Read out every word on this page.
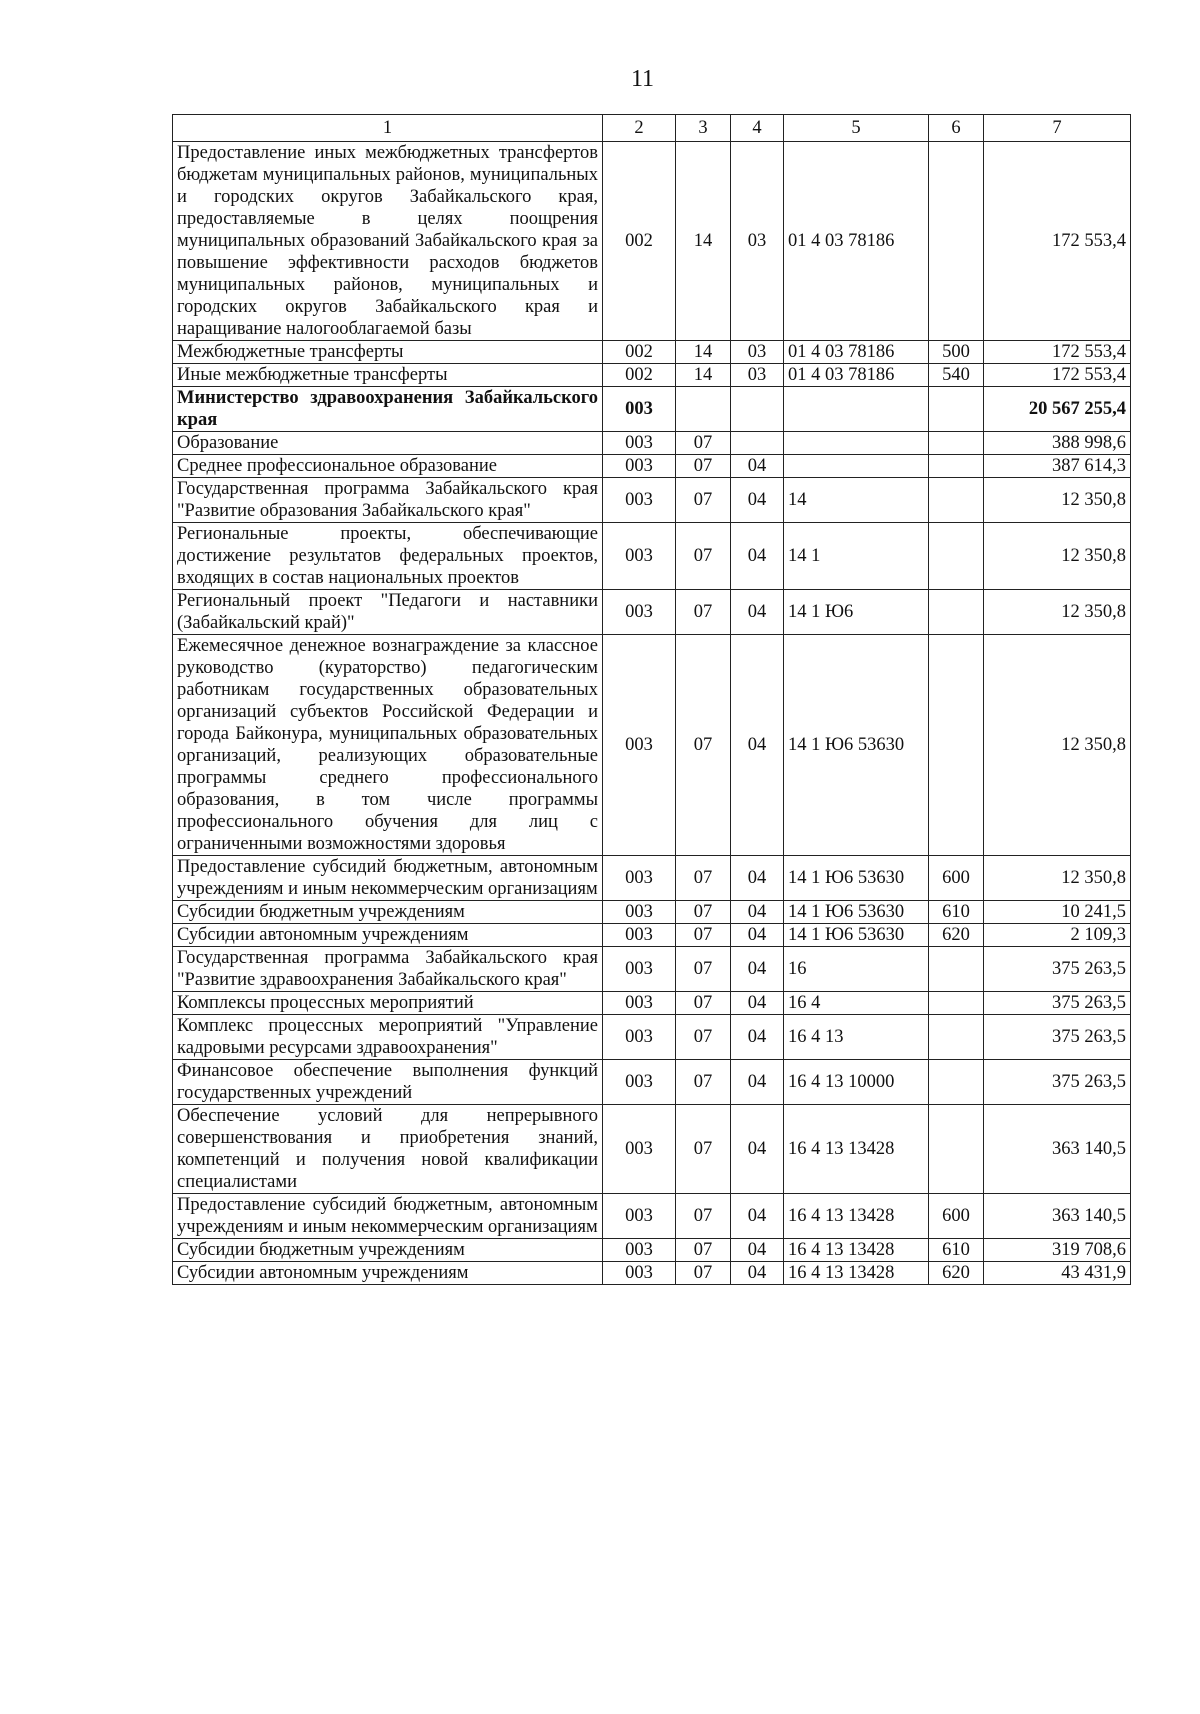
11
1	2	3	4	5	6	7
Предоставление иных межбюджетных трансфертов бюджетам муниципальных районов, муниципальных и городских округов Забайкальского края, предоставляемые в целях поощрения муниципальных образований Забайкальского края за повышение эффективности расходов бюджетов муниципальных районов, муниципальных и городских округов Забайкальского края и наращивание налогооблагаемой базы	002	14	03	01 4 03 78186		172 553,4
Межбюджетные трансферты	002	14	03	01 4 03 78186	500	172 553,4
Иные межбюджетные трансферты	002	14	03	01 4 03 78186	540	172 553,4
Министерство здравоохранения Забайкальского края	003					20 567 255,4
Образование	003	07				388 998,6
Среднее профессиональное образование	003	07	04			387 614,3
Государственная программа Забайкальского края "Развитие образования Забайкальского края"	003	07	04	14		12 350,8
Региональные проекты, обеспечивающие достижение результатов федеральных проектов, входящих в состав национальных проектов	003	07	04	14 1		12 350,8
Региональный проект "Педагоги и наставники (Забайкальский край)"	003	07	04	14 1 Ю6		12 350,8
Ежемесячное денежное вознаграждение за классное руководство (кураторство) педагогическим работникам государственных образовательных организаций субъектов Российской Федерации и города Байконура, муниципальных образовательных организаций, реализующих образовательные программы среднего профессионального образования, в том числе программы профессионального обучения для лиц с ограниченными возможностями здоровья	003	07	04	14 1 Ю6 53630		12 350,8
Предоставление субсидий бюджетным, автономным учреждениям и иным некоммерческим организациям	003	07	04	14 1 Ю6 53630	600	12 350,8
Субсидии бюджетным учреждениям	003	07	04	14 1 Ю6 53630	610	10 241,5
Субсидии автономным учреждениям	003	07	04	14 1 Ю6 53630	620	2 109,3
Государственная программа Забайкальского края "Развитие здравоохранения Забайкальского края"	003	07	04	16		375 263,5
Комплексы процессных мероприятий	003	07	04	16 4		375 263,5
Комплекс процессных мероприятий "Управление кадровыми ресурсами здравоохранения"	003	07	04	16 4 13		375 263,5
Финансовое обеспечение выполнения функций государственных учреждений	003	07	04	16 4 13 10000		375 263,5
Обеспечение условий для непрерывного совершенствования и приобретения знаний, компетенций и получения новой квалификации специалистами	003	07	04	16 4 13 13428		363 140,5
Предоставление субсидий бюджетным, автономным учреждениям и иным некоммерческим организациям	003	07	04	16 4 13 13428	600	363 140,5
Субсидии бюджетным учреждениям	003	07	04	16 4 13 13428	610	319 708,6
Субсидии автономным учреждениям	003	07	04	16 4 13 13428	620	43 431,9
